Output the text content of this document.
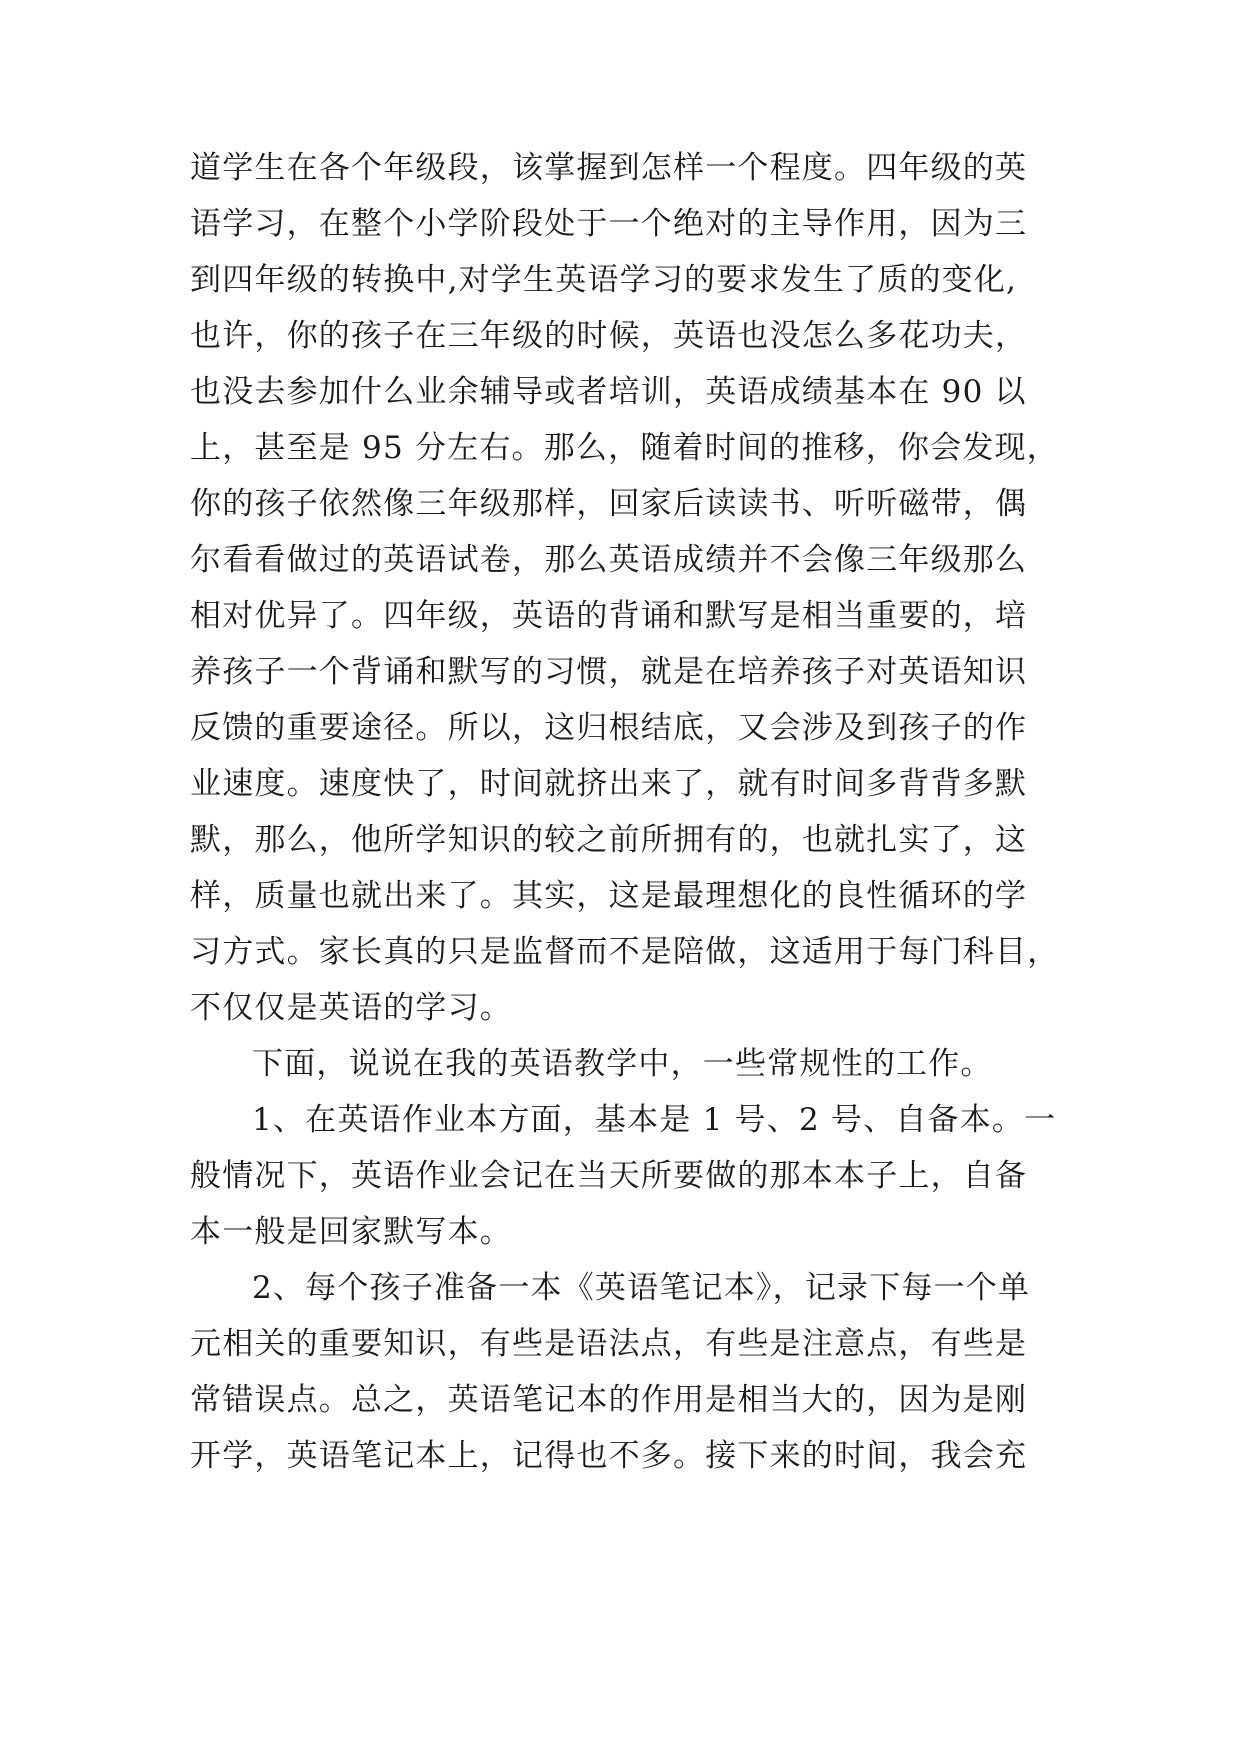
道学生在各个年级段，该掌握到怎样一个程度。四年级的英
语学习，在整个小学阶段处于一个绝对的主导作用，因为三
到四年级的转换中,对学生英语学习的要求发生了质的变化,
也许，你的孩子在三年级的时候，英语也没怎么多花功夫，
也没去参加什么业余辅导或者培训，英语成绩基本在 90 以
上，甚至是 95 分左右。那么，随着时间的推移，你会发现，
你的孩子依然像三年级那样，回家后读读书、听听磁带，偶
尔看看做过的英语试卷，那么英语成绩并不会像三年级那么
相对优异了。四年级，英语的背诵和默写是相当重要的，培
养孩子一个背诵和默写的习惯，就是在培养孩子对英语知识
反馈的重要途径。所以，这归根结底，又会涉及到孩子的作
业速度。速度快了，时间就挤出来了，就有时间多背背多默
默，那么，他所学知识的较之前所拥有的，也就扎实了，这
样，质量也就出来了。其实，这是最理想化的良性循环的学
习方式。家长真的只是监督而不是陪做，这适用于每门科目，
不仅仅是英语的学习。
下面，说说在我的英语教学中，一些常规性的工作。
1、在英语作业本方面，基本是 1 号、2 号、自备本。一
般情况下，英语作业会记在当天所要做的那本本子上，自备
本一般是回家默写本。
2、每个孩子准备一本《英语笔记本》，记录下每一个单
元相关的重要知识，有些是语法点，有些是注意点，有些是
常错误点。总之，英语笔记本的作用是相当大的，因为是刚
开学，英语笔记本上，记得也不多。接下来的时间，我会充
